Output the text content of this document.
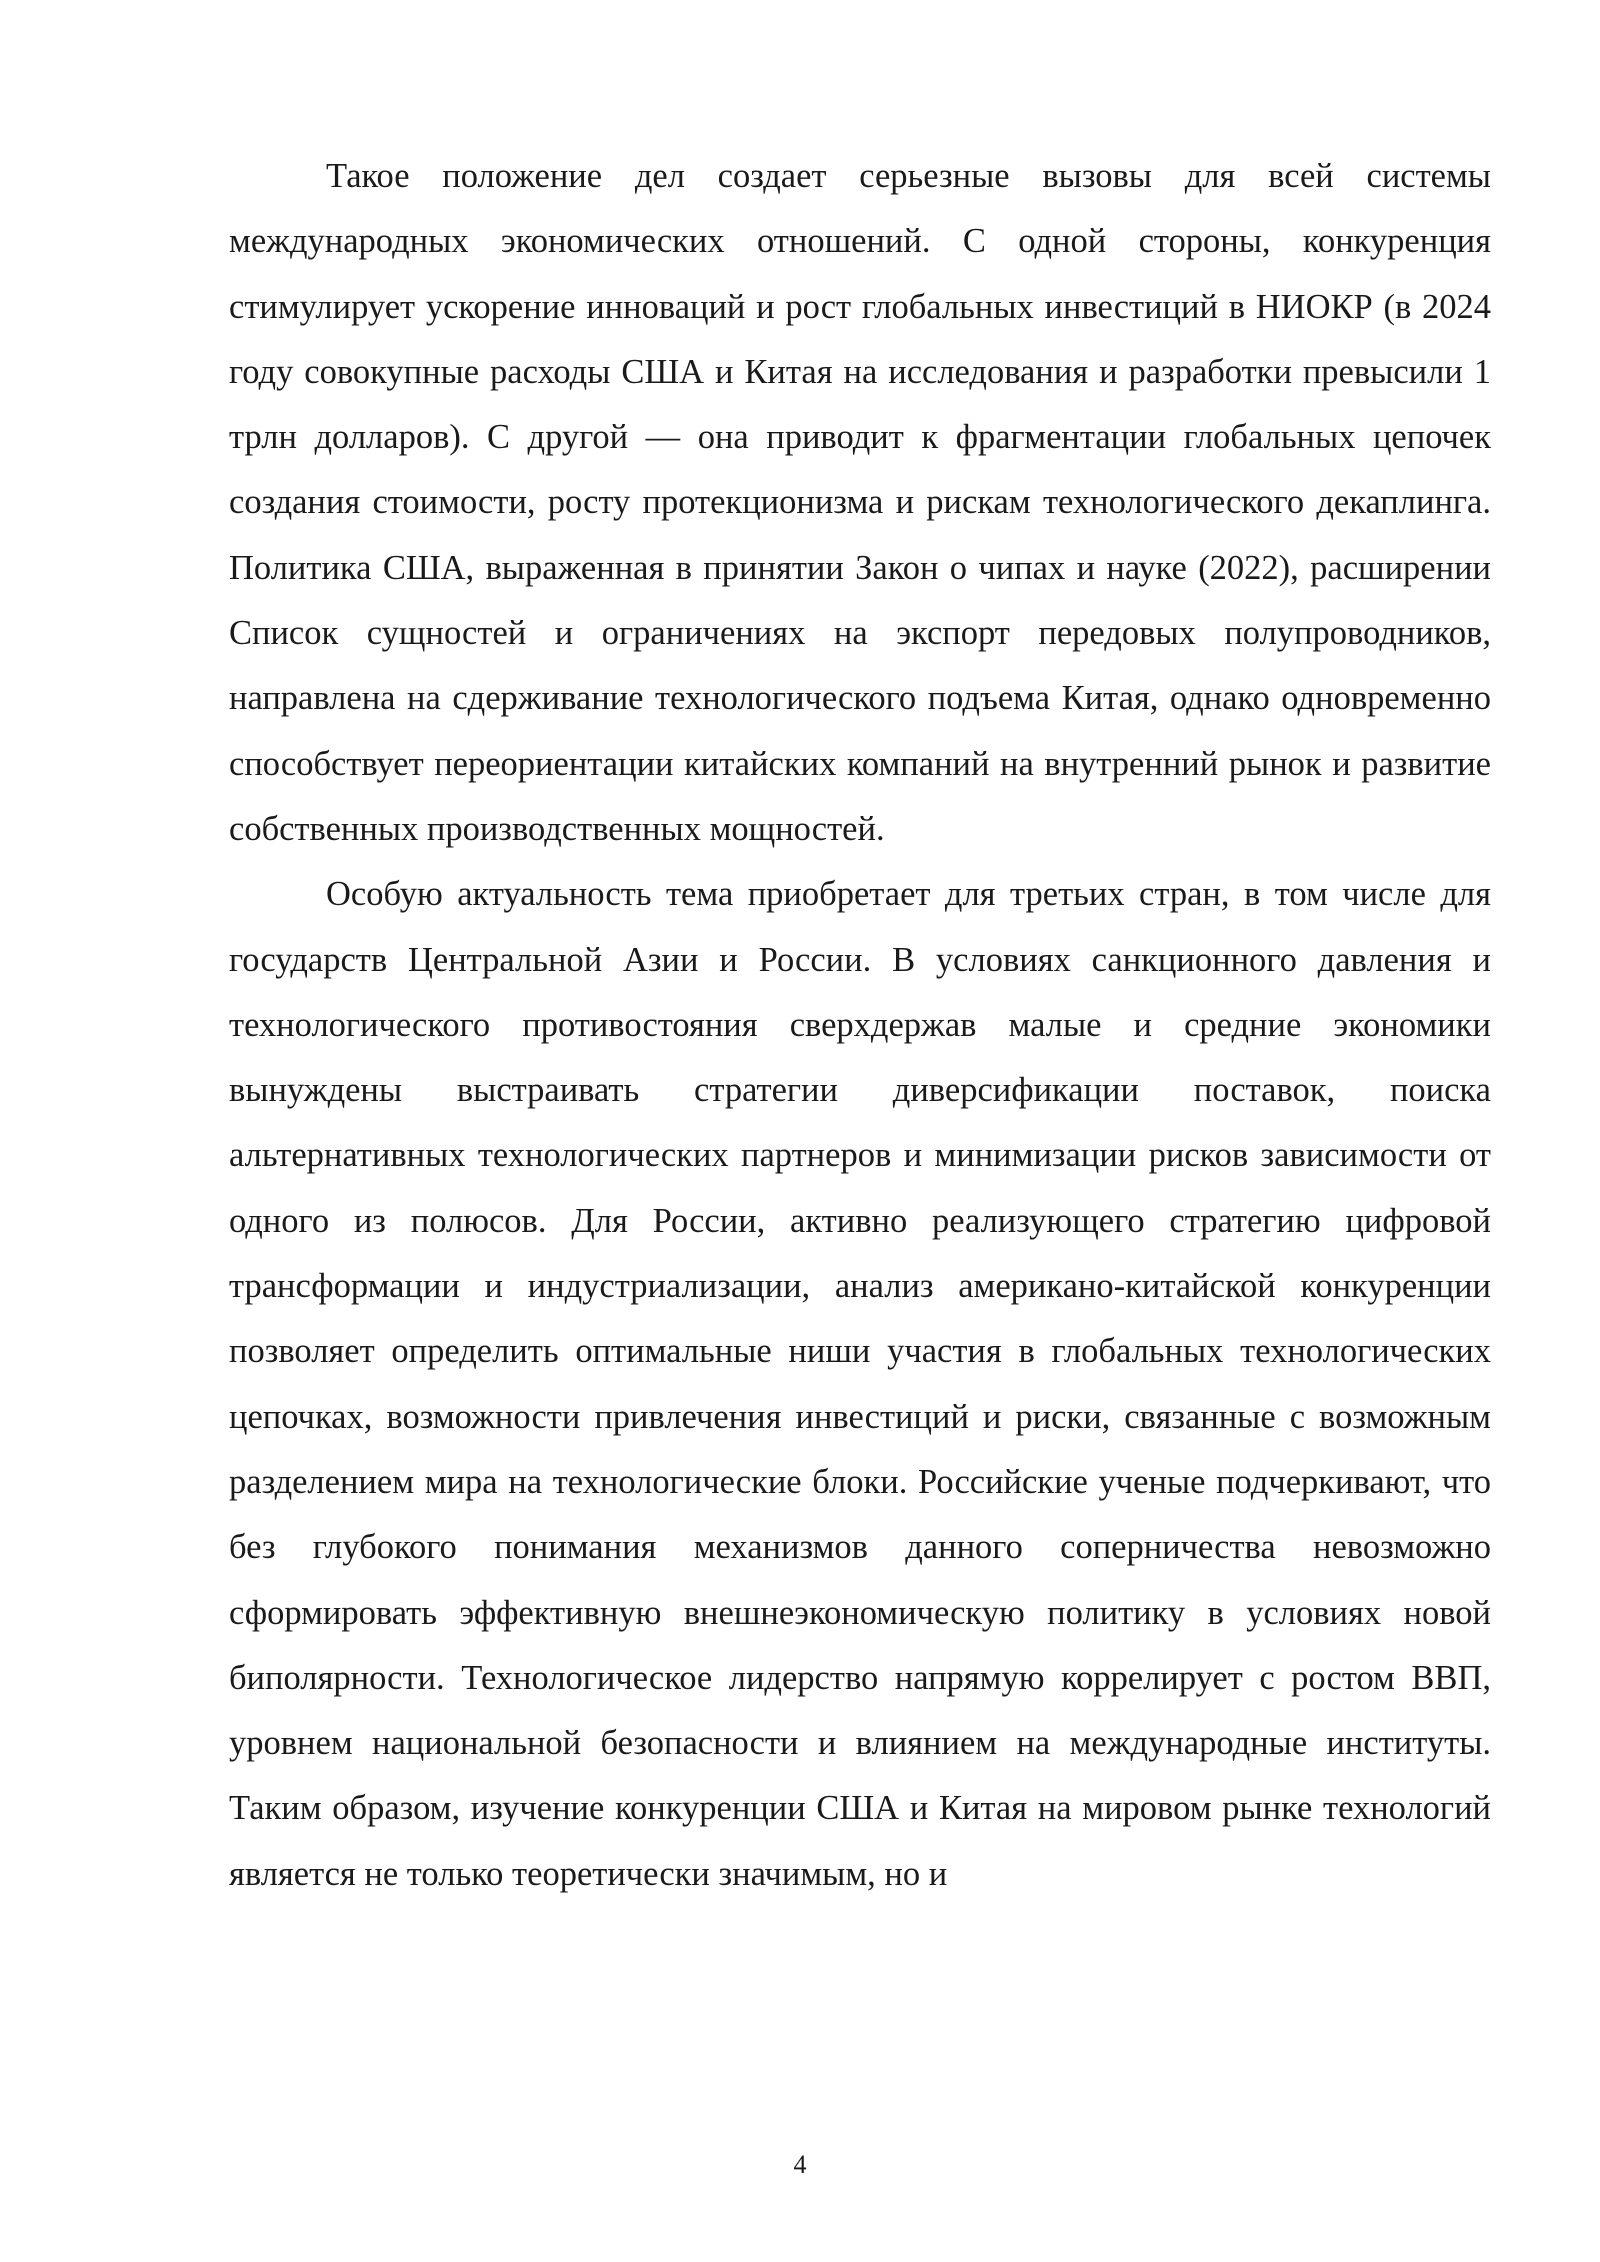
Такое положение дел создает серьезные вызовы для всей системы международных экономических отношений. С одной стороны, конкуренция стимулирует ускорение инноваций и рост глобальных инвестиций в НИОКР (в 2024 году совокупные расходы США и Китая на исследования и разработки превысили 1 трлн долларов). С другой — она приводит к фрагментации глобальных цепочек создания стоимости, росту протекционизма и рискам технологического декаплинга. Политика США, выраженная в принятии Закон о чипах и науке (2022), расширении Список сущностей и ограничениях на экспорт передовых полупроводников, направлена на сдерживание технологического подъема Китая, однако одновременно способствует переориентации китайских компаний на внутренний рынок и развитие собственных производственных мощностей.

Особую актуальность тема приобретает для третьих стран, в том числе для государств Центральной Азии и России. В условиях санкционного давления и технологического противостояния сверхдержав малые и средние экономики вынуждены выстраивать стратегии диверсификации поставок, поиска альтернативных технологических партнеров и минимизации рисков зависимости от одного из полюсов. Для России, активно реализующего стратегию цифровой трансформации и индустриализации, анализ американо-китайской конкуренции позволяет определить оптимальные ниши участия в глобальных технологических цепочках, возможности привлечения инвестиций и риски, связанные с возможным разделением мира на технологические блоки. Российские ученые подчеркивают, что без глубокого понимания механизмов данного соперничества невозможно сформировать эффективную внешнеэкономическую политику в условиях новой биполярности. Технологическое лидерство напрямую коррелирует с ростом ВВП, уровнем национальной безопасности и влиянием на международные институты. Таким образом, изучение конкуренции США и Китая на мировом рынке технологий является не только теоретически значимым, но и

4
